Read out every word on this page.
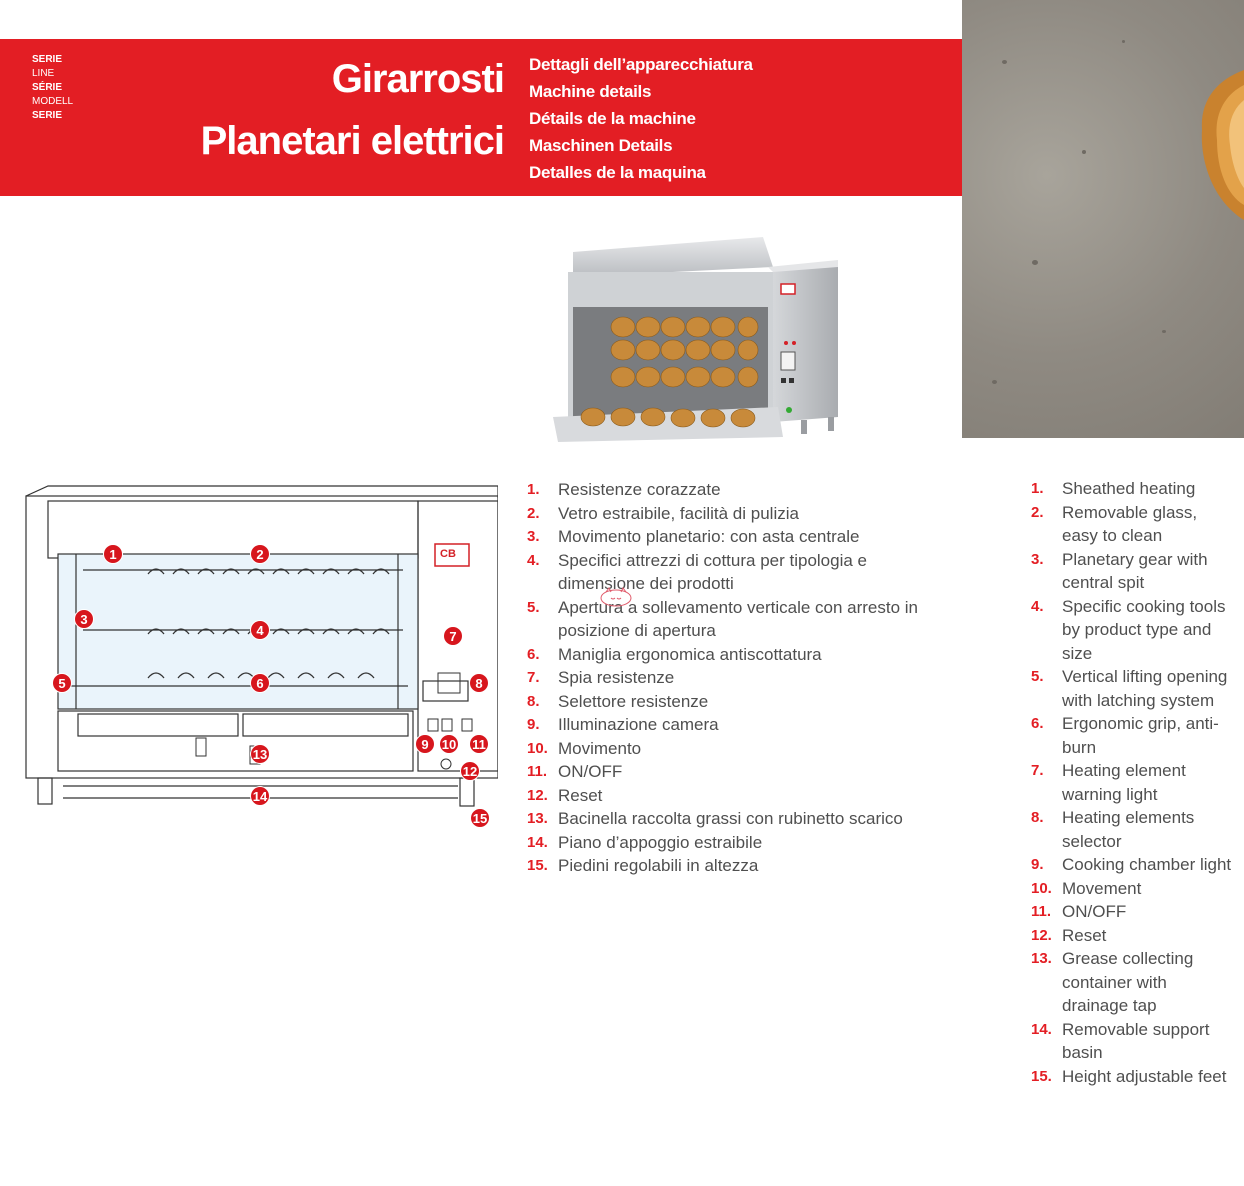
SERIE
LINE
SÉRIE
MODELL
SERIE
Girarrosti
Planetari elettrici
Dettagli dell’apparecchiatura
Machine details
Détails de la machine
Maschinen Details
Detalles de la maquina
CB
1	2
3
4
5	6
7
8
9	10 11
12
13
14
15
1.	Resistenze corazzate
2.	Vetro estraibile, facilità di pulizia
3.	Movimento planetario: con asta centrale
4.	Specifici attrezzi di cottura per tipologia e dimensione dei prodotti
5.	Apertura a sollevamento verticale con arresto in posizione di apertura
6.	Maniglia ergonomica antiscottatura
7.	Spia resistenze
8.	Selettore resistenze
9.	Illuminazione camera
10. Movimento
11. ON/OFF
12. Reset
13. Bacinella raccolta grassi con rubinetto scarico
14. Piano d’appoggio estraibile
15. Piedini regolabili in altezza
1.	Sheathed heating
2.	Removable glass, easy to clean
3.	Planetary gear with central spit
4.	Specific cooking tools by product type and size
5.	Vertical lifting opening with latching system
6.	Ergonomic grip, anti-burn
7.	Heating element warning light
8.	Heating elements selector
9.	Cooking chamber light
10. Movement
11. ON/OFF
12. Reset
13. Grease collecting container with drainage tap
14. Removable support basin
15. Height adjustable feet
